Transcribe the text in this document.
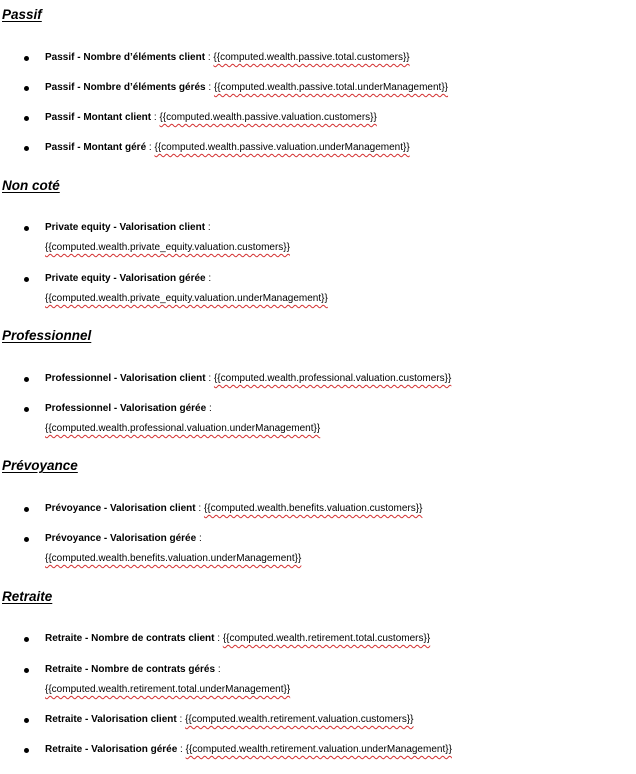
Passif
Passif - Nombre d’éléments client : {{computed.wealth.passive.total.customers}}
Passif - Nombre d’éléments gérés : {{computed.wealth.passive.total.underManagement}}
Passif - Montant client : {{computed.wealth.passive.valuation.customers}}
Passif - Montant géré : {{computed.wealth.passive.valuation.underManagement}}
Non coté
Private equity - Valorisation client :
{{computed.wealth.private_equity.valuation.customers}}
Private equity - Valorisation gérée :
{{computed.wealth.private_equity.valuation.underManagement}}
Professionnel
Professionnel - Valorisation client : {{computed.wealth.professional.valuation.customers}}
Professionnel - Valorisation gérée :
{{computed.wealth.professional.valuation.underManagement}}
Prévoyance
Prévoyance - Valorisation client : {{computed.wealth.benefits.valuation.customers}}
Prévoyance - Valorisation gérée :
{{computed.wealth.benefits.valuation.underManagement}}
Retraite
Retraite - Nombre de contrats client : {{computed.wealth.retirement.total.customers}}
Retraite - Nombre de contrats gérés :
{{computed.wealth.retirement.total.underManagement}}
Retraite - Valorisation client : {{computed.wealth.retirement.valuation.customers}}
Retraite - Valorisation gérée : {{computed.wealth.retirement.valuation.underManagement}}
